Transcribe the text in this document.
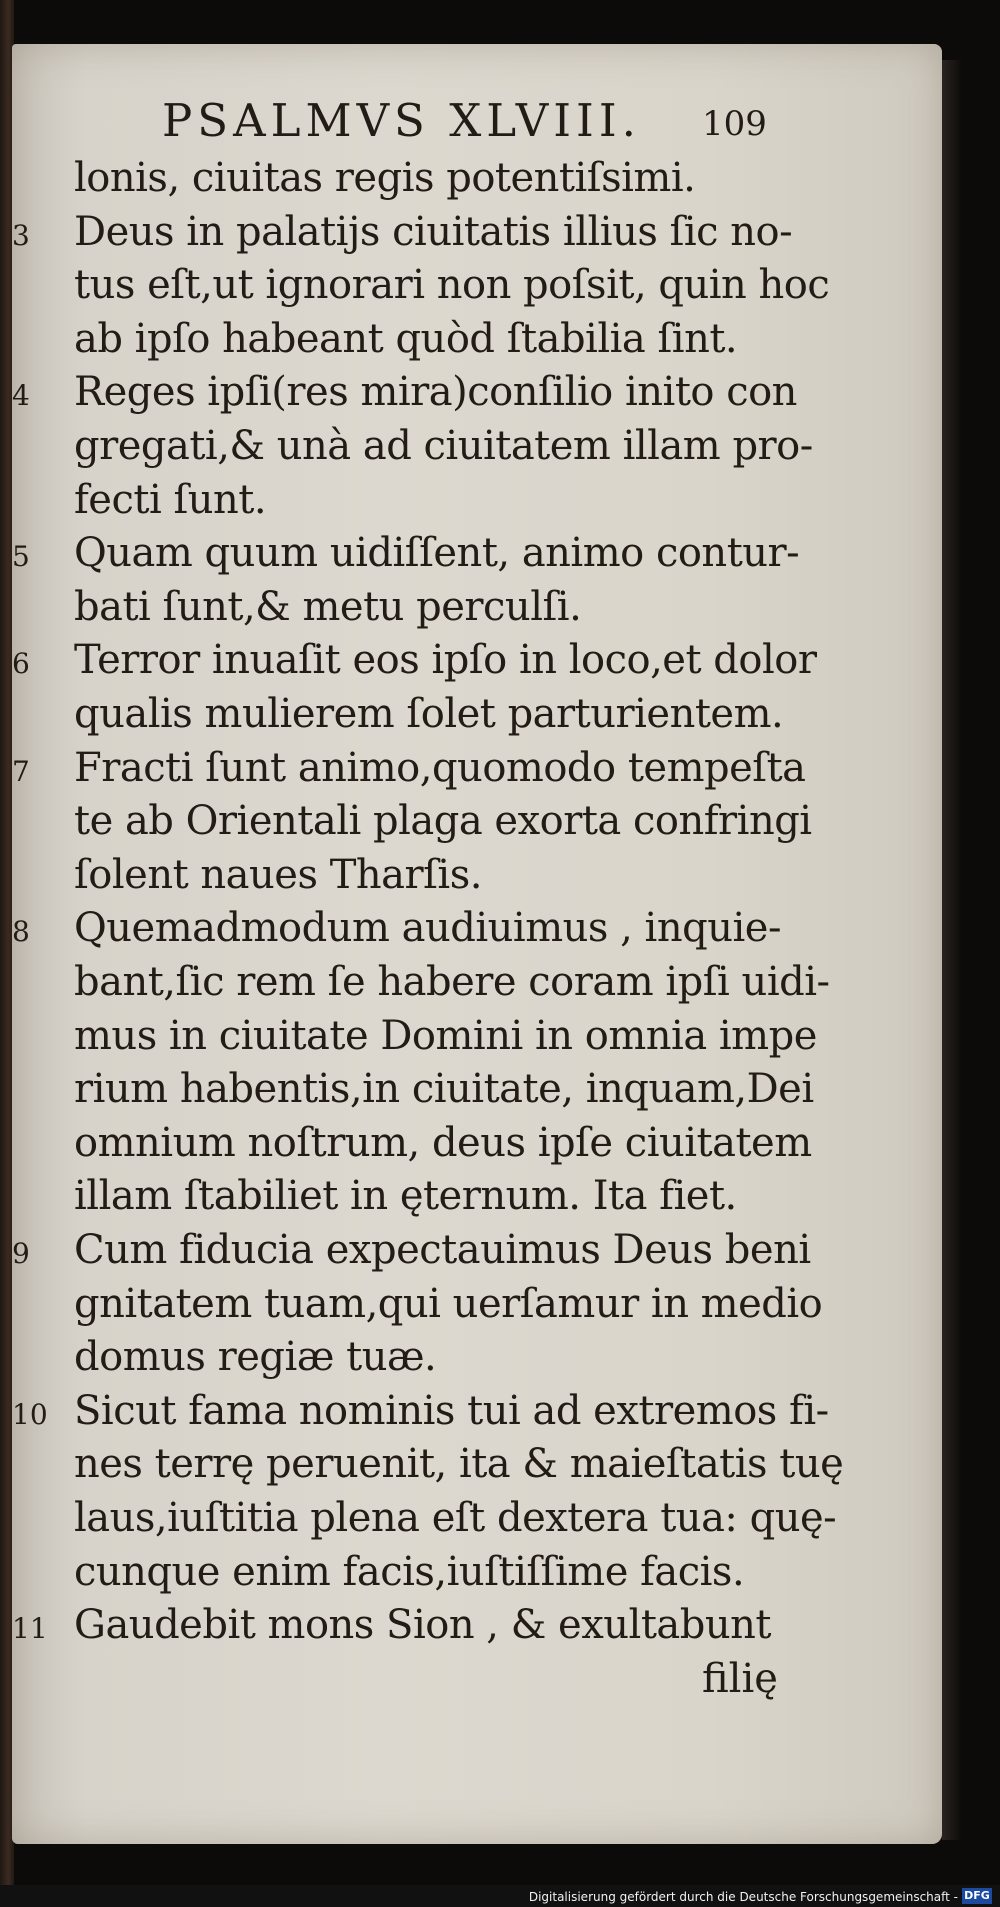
PSALMVS XLVIII. 109
filię
lonis, ciuitas regis potentiſsimi.
3 Deus in palatijs ciuitatis illius ſic no-
tus eſt,ut ignorari non poſsit, quin hoc
ab ipſo habeant quòd ſtabilia ſint.
4 Reges ipſi(res mira)conſilio inito con
gregati,& unà ad ciuitatem illam pro-
fecti ſunt.
5 Quam quum uidiſſent, animo contur-
bati ſunt,& metu perculſi.
6 Terror inuaſit eos ipſo in loco,et dolor
qualis mulierem ſolet parturientem.
7 Fracti ſunt animo,quomodo tempeſta
te ab Orientali plaga exorta confringi
ſolent naues Tharſis.
8 Quemadmodum audiuimus , inquie-
bant,ſic rem ſe habere coram ipſi uidi-
mus in ciuitate Domini in omnia impe
rium habentis,in ciuitate, inquam,Dei
omnium noſtrum, deus ipſe ciuitatem
illam ſtabiliet in ęternum. Ita fiet.
9 Cum fiducia expectauimus Deus beni
gnitatem tuam,qui uerſamur in medio
domus regiæ tuæ.
10 Sicut fama nominis tui ad extremos fi-
nes terrę peruenit, ita & maieſtatis tuę
laus,iuſtitia plena eſt dextera tua: quę-
cunque enim facis,iuſtiſſime facis.
11 Gaudebit mons Sion , & exultabunt
Digitalisierung gefördert durch die Deutsche Forschungsgemeinschaft - DFG
